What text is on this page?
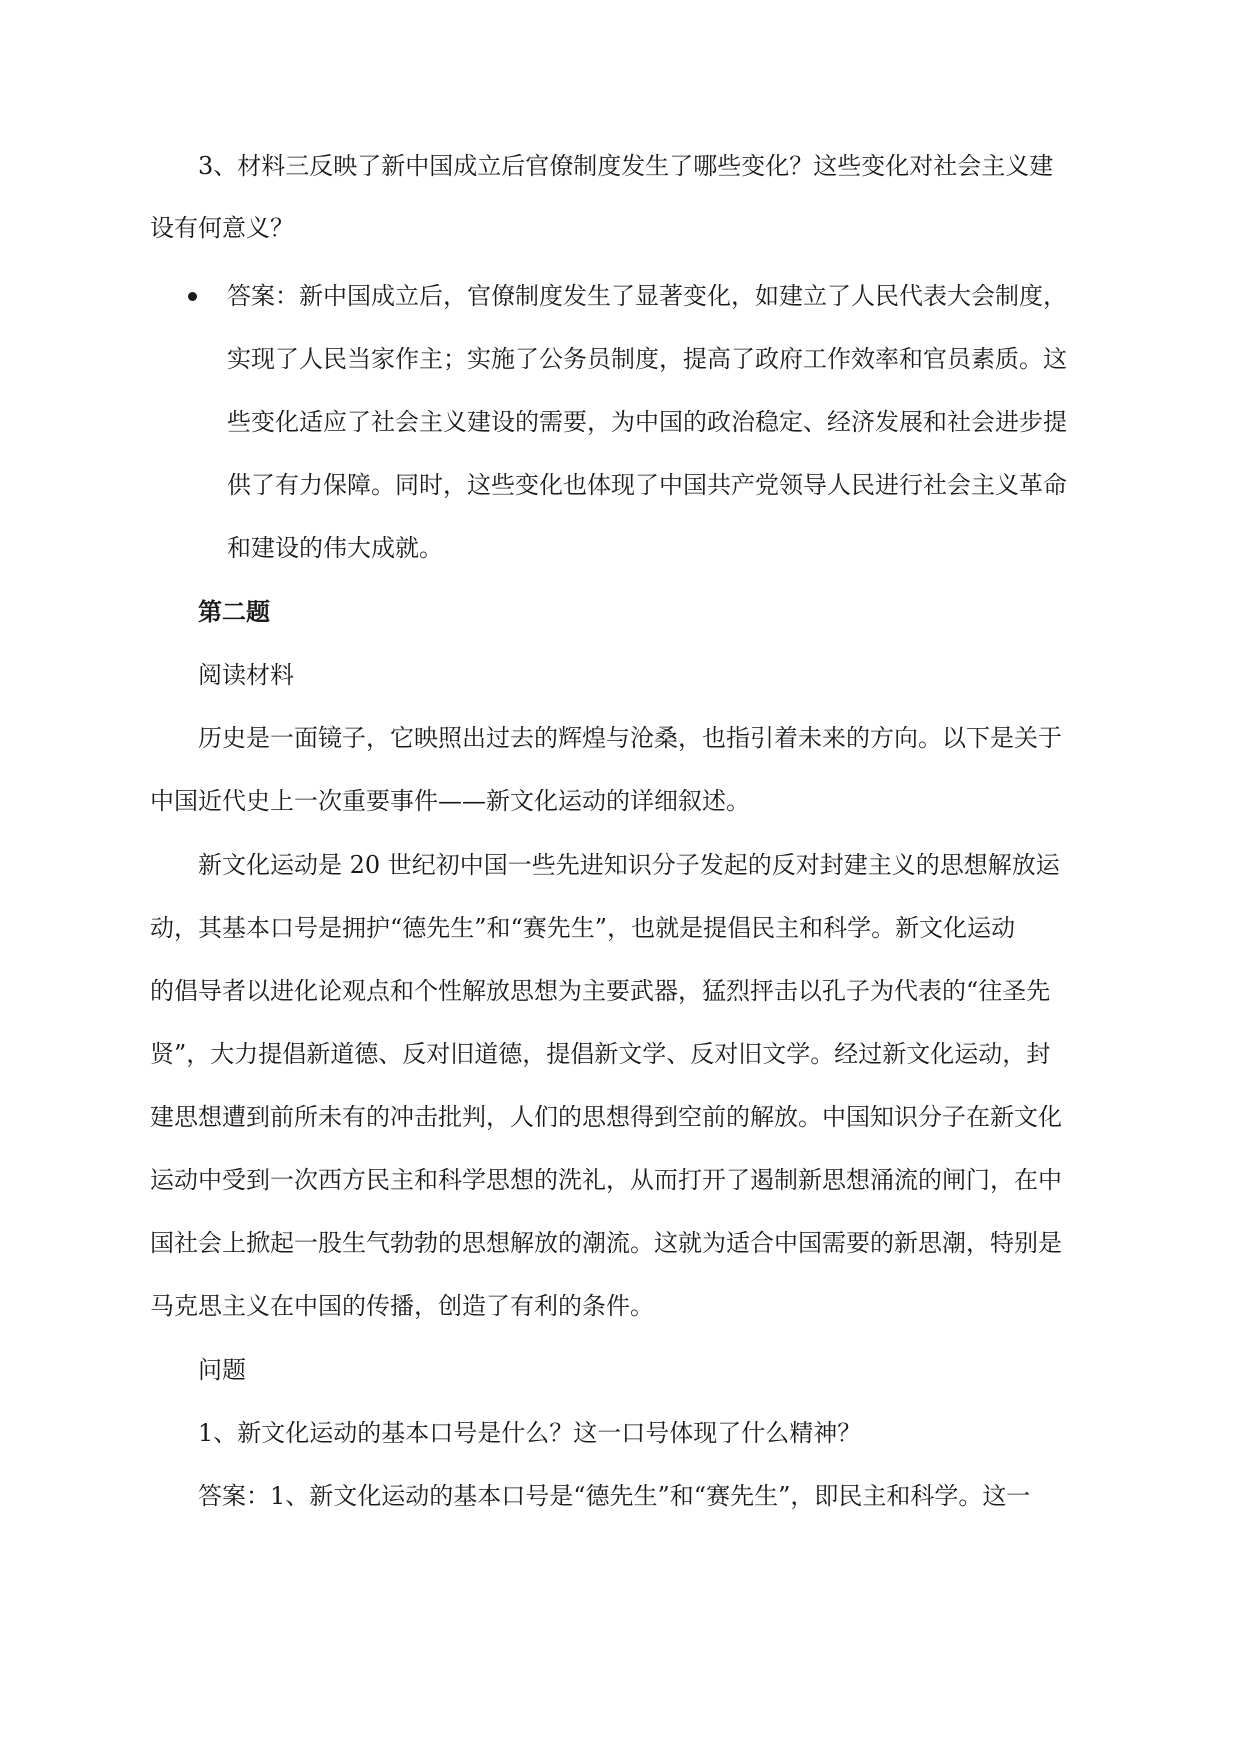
3、材料三反映了新中国成立后官僚制度发生了哪些变化？这些变化对社会主义建
设有何意义？
答案：新中国成立后，官僚制度发生了显著变化，如建立了人民代表大会制度，
实现了人民当家作主；实施了公务员制度，提高了政府工作效率和官员素质。这
些变化适应了社会主义建设的需要，为中国的政治稳定、经济发展和社会进步提
供了有力保障。同时，这些变化也体现了中国共产党领导人民进行社会主义革命
和建设的伟大成就。
第二题
阅读材料
历史是一面镜子，它映照出过去的辉煌与沧桑，也指引着未来的方向。以下是关于
中国近代史上一次重要事件——新文化运动的详细叙述。
新文化运动是 20 世纪初中国一些先进知识分子发起的反对封建主义的思想解放运
动，其基本口号是拥护“德先生”和“赛先生”，也就是提倡民主和科学。新文化运动
的倡导者以进化论观点和个性解放思想为主要武器，猛烈抨击以孔子为代表的“往圣先
贤”，大力提倡新道德、反对旧道德，提倡新文学、反对旧文学。经过新文化运动，封
建思想遭到前所未有的冲击批判，人们的思想得到空前的解放。中国知识分子在新文化
运动中受到一次西方民主和科学思想的洗礼，从而打开了遏制新思想涌流的闸门，在中
国社会上掀起一股生气勃勃的思想解放的潮流。这就为适合中国需要的新思潮，特别是
马克思主义在中国的传播，创造了有利的条件。
问题
1、新文化运动的基本口号是什么？这一口号体现了什么精神？
答案：1、新文化运动的基本口号是“德先生”和“赛先生”，即民主和科学。这一
